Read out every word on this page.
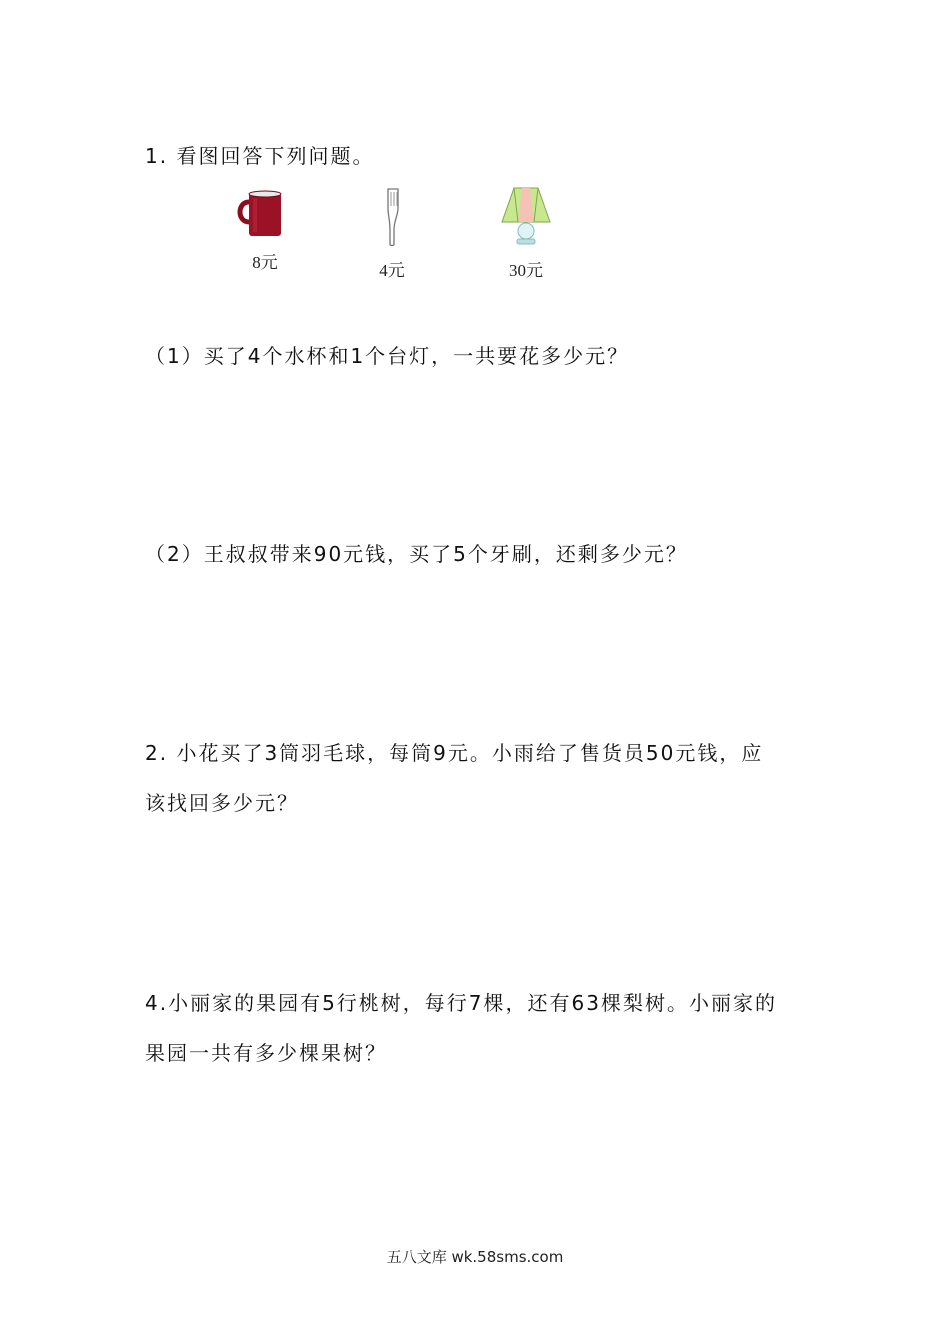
1. 看图回答下列问题。
8元	4元	30元
（1）买了4个水杯和1个台灯，一共要花多少元？
（2）王叔叔带来90元钱，买了5个牙刷，还剩多少元？
2. 小花买了3筒羽毛球，每筒9元。小雨给了售货员50元钱，应
该找回多少元？
4.小丽家的果园有5行桃树，每行7棵，还有63棵梨树。小丽家的
果园一共有多少棵果树？
五八文库 wk.58sms.com
